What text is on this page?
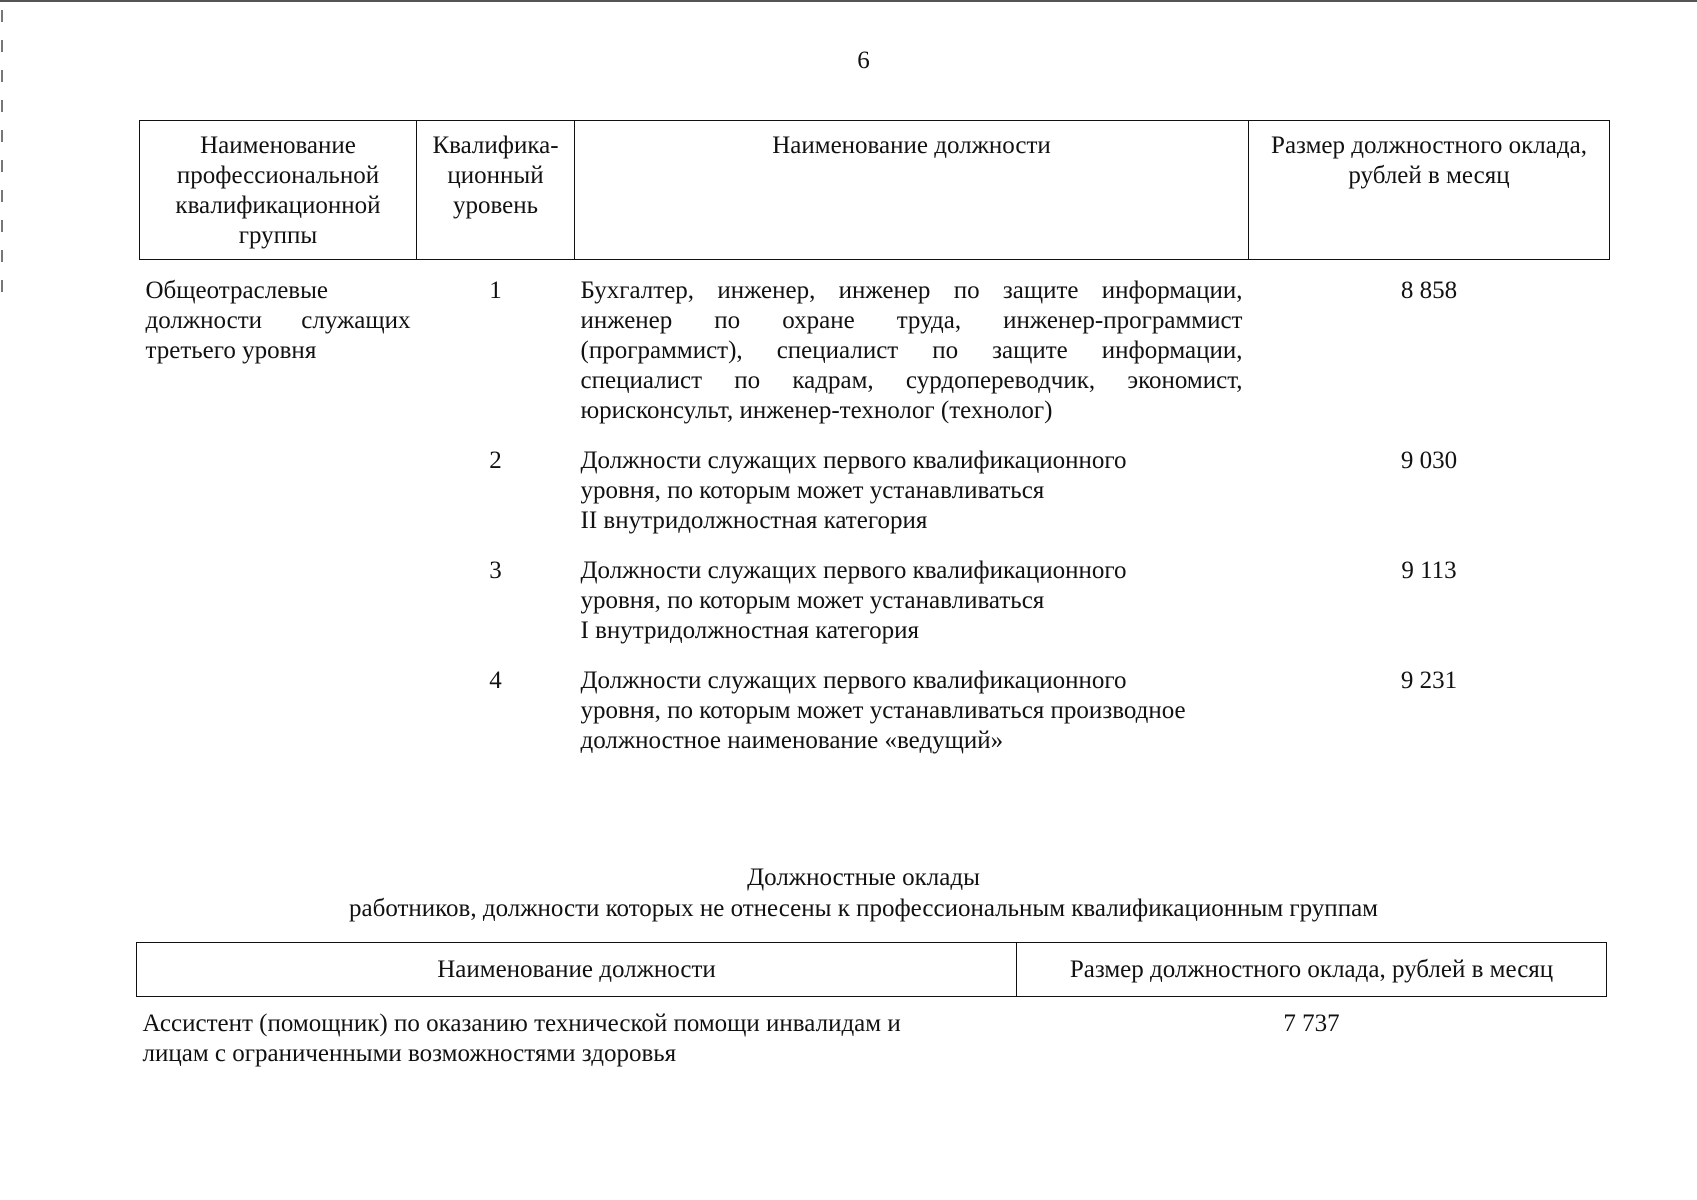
6
Наименование профессиональной квалификационной группы	Квалифика-ционный уровень	Наименование должности	Размер должностного оклада, рублей в месяц
Общеотраслевые должности служащих третьего уровня	1	Бухгалтер, инженер, инженер по защите информации, инженер по охране труда, инженер-программист (программист), специалист по защите информации, специалист по кадрам, сурдопереводчик, экономист, юрисконсульт, инженер-технолог (технолог)	8 858
	2	Должности служащих первого квалификационного
уровня, по которым может устанавливаться
II внутридолжностная категория	9 030
	3	Должности служащих первого квалификационного
уровня, по которым может устанавливаться
I внутридолжностная категория	9 113
	4	Должности служащих первого квалификационного
уровня, по которым может устанавливаться производное
должностное наименование «ведущий»	9 231
Должностные оклады
работников, должности которых не отнесены к профессиональным квалификационным группам
Наименование должности	Размер должностного оклада, рублей в месяц

Ассистент (помощник) по оказанию технической помощи инвалидам и
лицам с ограниченными возможностями здоровья	7 737
